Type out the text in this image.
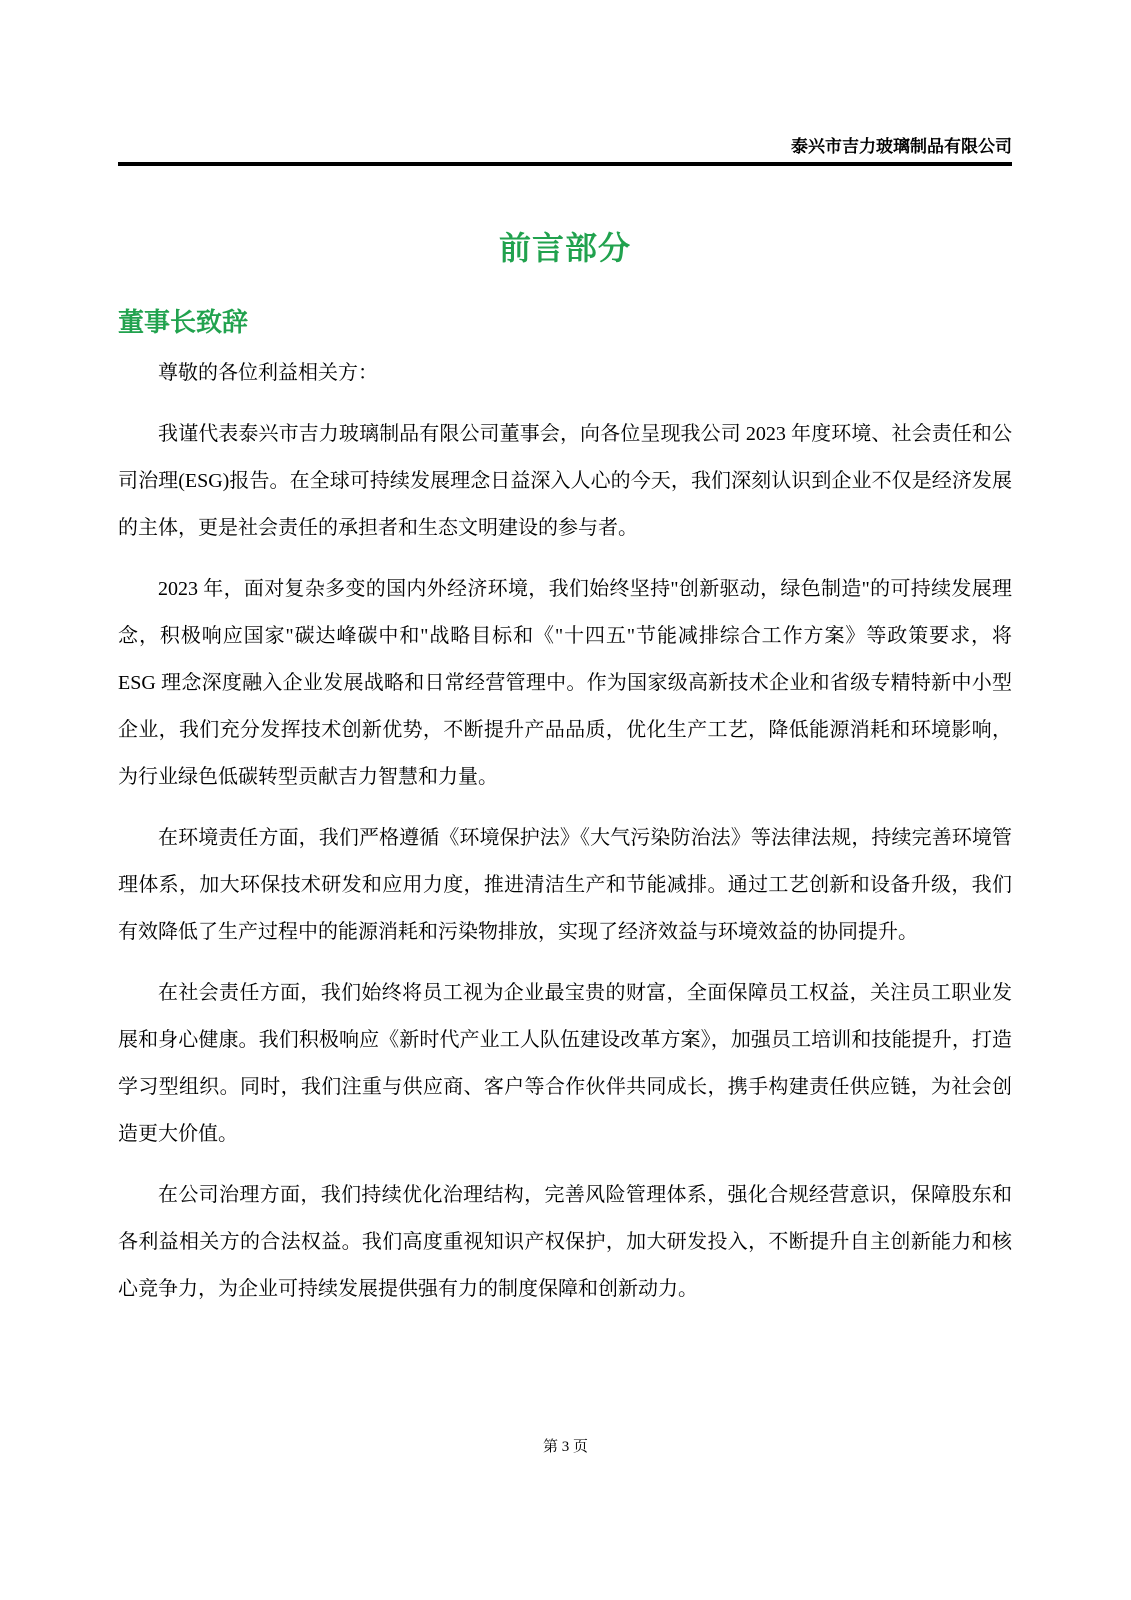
泰兴市吉力玻璃制品有限公司
前言部分
董事长致辞

尊敬的各位利益相关方：

我谨代表泰兴市吉力玻璃制品有限公司董事会，向各位呈现我公司 2023 年度环境、社会责任和公司治理(ESG)报告。在全球可持续发展理念日益深入人心的今天，我们深刻认识到企业不仅是经济发展的主体，更是社会责任的承担者和生态文明建设的参与者。

2023 年，面对复杂多变的国内外经济环境，我们始终坚持"创新驱动，绿色制造"的可持续发展理念，积极响应国家"碳达峰碳中和"战略目标和《"十四五"节能减排综合工作方案》等政策要求，将 ESG 理念深度融入企业发展战略和日常经营管理中。作为国家级高新技术企业和省级专精特新中小型企业，我们充分发挥技术创新优势，不断提升产品品质，优化生产工艺，降低能源消耗和环境影响，为行业绿色低碳转型贡献吉力智慧和力量。

在环境责任方面，我们严格遵循《环境保护法》《大气污染防治法》等法律法规，持续完善环境管理体系，加大环保技术研发和应用力度，推进清洁生产和节能减排。通过工艺创新和设备升级，我们有效降低了生产过程中的能源消耗和污染物排放，实现了经济效益与环境效益的协同提升。

在社会责任方面，我们始终将员工视为企业最宝贵的财富，全面保障员工权益，关注员工职业发展和身心健康。我们积极响应《新时代产业工人队伍建设改革方案》，加强员工培训和技能提升，打造学习型组织。同时，我们注重与供应商、客户等合作伙伴共同成长，携手构建责任供应链，为社会创造更大价值。

在公司治理方面，我们持续优化治理结构，完善风险管理体系，强化合规经营意识，保障股东和各利益相关方的合法权益。我们高度重视知识产权保护，加大研发投入，不断提升自主创新能力和核心竞争力，为企业可持续发展提供强有力的制度保障和创新动力。

第 3 页
